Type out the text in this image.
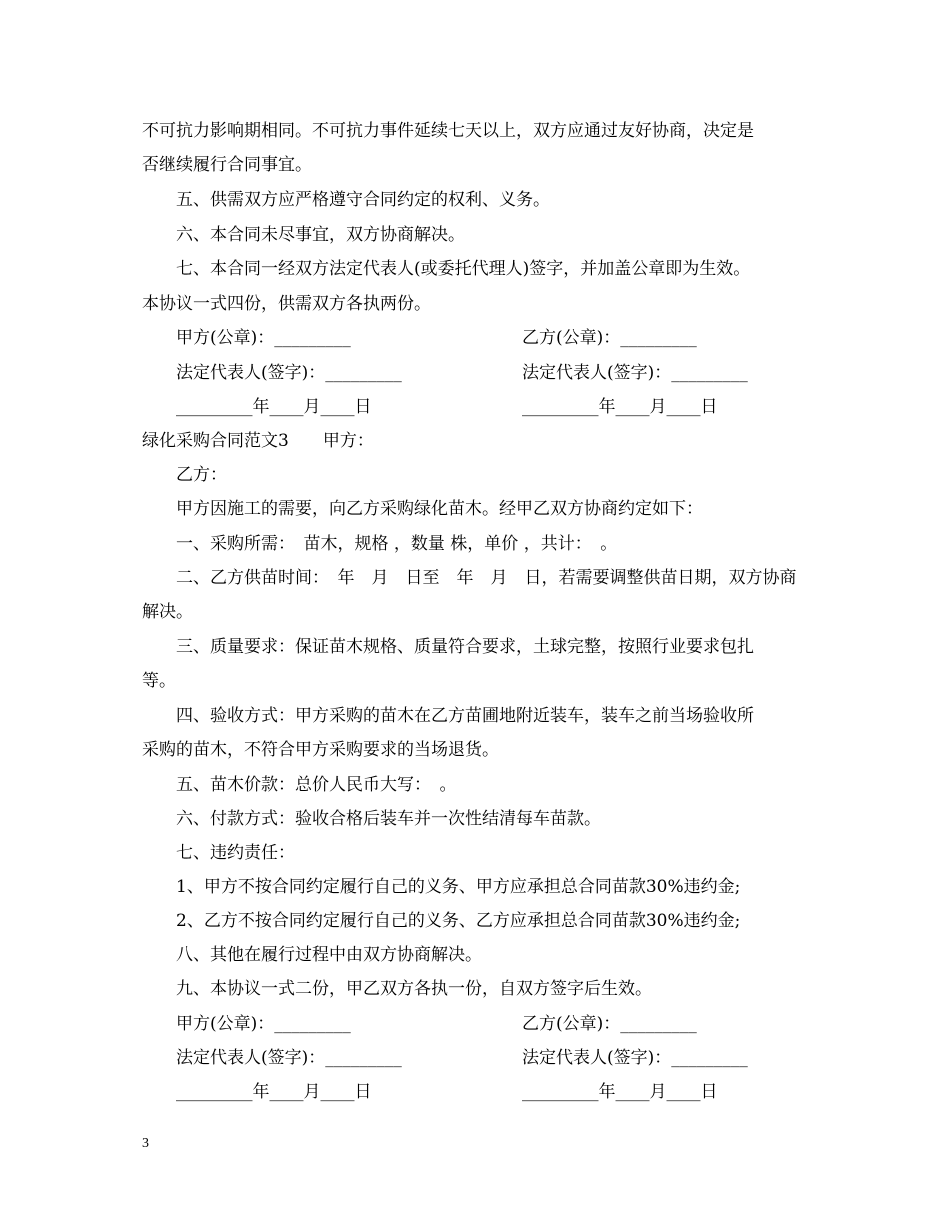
不可抗力影响期相同。不可抗力事件延续七天以上，双方应通过友好协商，决定是
否继续履行合同事宜。
五、供需双方应严格遵守合同约定的权利、义务。
六、本合同未尽事宜，双方协商解决。
七、本合同一经双方法定代表人(或委托代理人)签字，并加盖公章即为生效。
本协议一式四份，供需双方各执两份。
甲方(公章)：_________	乙方(公章)：_________
法定代表人(签字)：_________	法定代表人(签字)：_________
_________年____月____日	_________年____月____日
绿化采购合同范文3　　甲方：
乙方：
甲方因施工的需要，向乙方采购绿化苗木。经甲乙双方协商约定如下：
一、采购所需：　苗木，规格 ，数量 株，单价 ，共计：　。
二、乙方供苗时间：　年　月　日至　年　月　日，若需要调整供苗日期，双方协商
解决。
三、质量要求：保证苗木规格、质量符合要求，土球完整，按照行业要求包扎
等。
四、验收方式：甲方采购的苗木在乙方苗圃地附近装车，装车之前当场验收所
采购的苗木，不符合甲方采购要求的当场退货。
五、苗木价款：总价人民币大写：　。
六、付款方式：验收合格后装车并一次性结清每车苗款。
七、违约责任：
1、甲方不按合同约定履行自己的义务、甲方应承担总合同苗款30%违约金;
2、乙方不按合同约定履行自己的义务、乙方应承担总合同苗款30%违约金;
八、其他在履行过程中由双方协商解决。
九、本协议一式二份，甲乙双方各执一份，自双方签字后生效。
甲方(公章)：_________	乙方(公章)：_________
法定代表人(签字)：_________	法定代表人(签字)：_________
_________年____月____日	_________年____月____日
3
